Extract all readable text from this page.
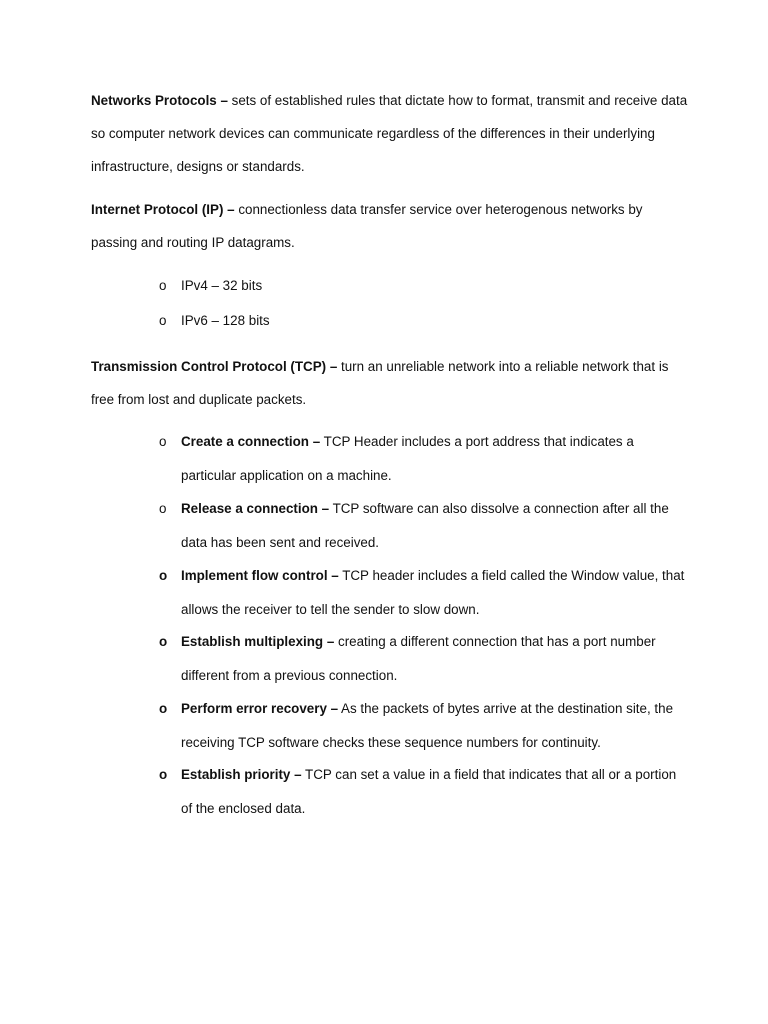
Networks Protocols – sets of established rules that dictate how to format, transmit and receive data so computer network devices can communicate regardless of the differences in their underlying infrastructure, designs or standards.

Internet Protocol (IP) – connectionless data transfer service over heterogenous networks by passing and routing IP datagrams.

o IPv4 – 32 bits

o IPv6 – 128 bits

Transmission Control Protocol (TCP) – turn an unreliable network into a reliable network that is free from lost and duplicate packets.

o Create a connection – TCP Header includes a port address that indicates a particular application on a machine.

o Release a connection – TCP software can also dissolve a connection after all the data has been sent and received.

o Implement flow control – TCP header includes a field called the Window value, that allows the receiver to tell the sender to slow down.

o Establish multiplexing – creating a different connection that has a port number different from a previous connection.

o Perform error recovery – As the packets of bytes arrive at the destination site, the receiving TCP software checks these sequence numbers for continuity.

o Establish priority – TCP can set a value in a field that indicates that all or a portion of the enclosed data.
